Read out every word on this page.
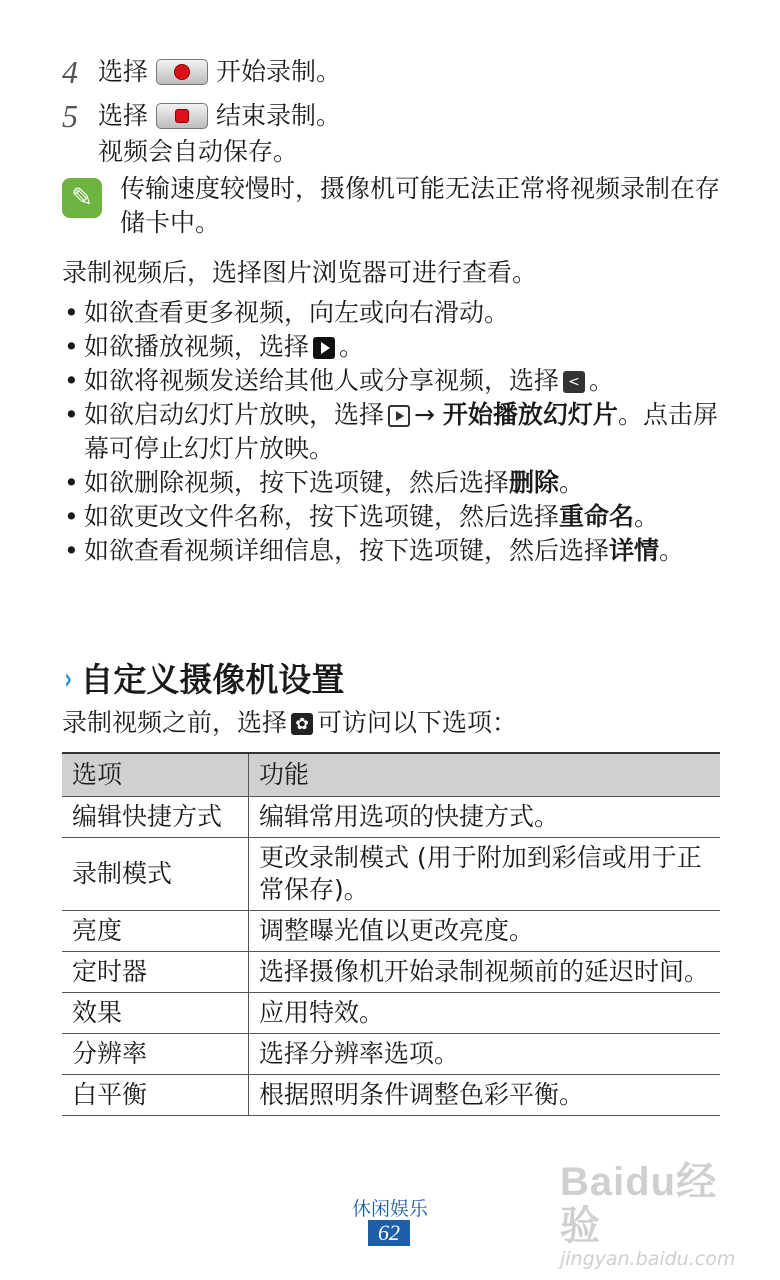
4 选择	开始录制。
5 选择	结束录制。
视频会自动保存。
✎	传输速度较慢时，摄像机可能无法正常将视频录制在存储卡中。
录制视频后，选择图片浏览器可进行查看。
• 如欲查看更多视频，向左或向右滑动。
• 如欲播放视频，选择 。
• 如欲将视频发送给其他人或分享视频，选择 < 。
• 如欲启动幻灯片放映，选择 → 开始播放幻灯片。点击屏幕可停止幻灯片放映。
• 如欲删除视频，按下选项键，然后选择删除。
• 如欲更改文件名称，按下选项键，然后选择重命名。
• 如欲查看视频详细信息，按下选项键，然后选择详情。
› 自定义摄像机设置
录制视频之前，选择 ✿ 可访问以下选项：
选项	功能
编辑快捷方式	编辑常用选项的快捷方式。
录制模式	更改录制模式 (用于附加到彩信或用于正常保存)。
亮度	调整曝光值以更改亮度。
定时器	选择摄像机开始录制视频前的延迟时间。
效果	应用特效。
分辨率	选择分辨率选项。
白平衡	根据照明条件调整色彩平衡。
休闲娱乐
62
Baidu经验
jingyan.baidu.com
